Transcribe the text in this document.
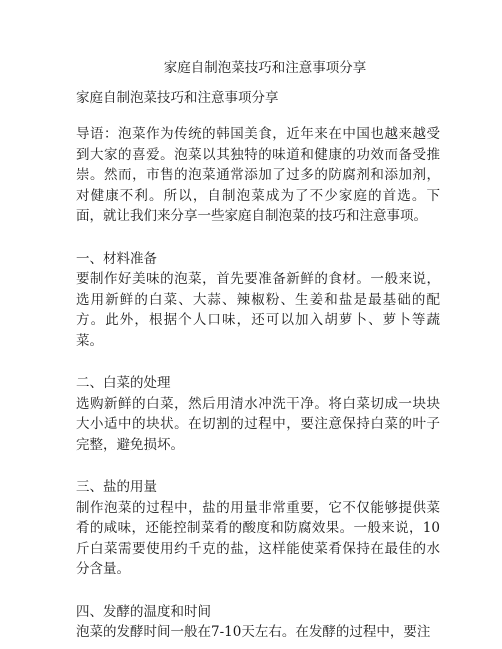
家庭自制泡菜技巧和注意事项分享
家庭自制泡菜技巧和注意事项分享

导语：泡菜作为传统的韩国美食，近年来在中国也越来越受到大家的喜爱。泡菜以其独特的味道和健康的功效而备受推崇。然而，市售的泡菜通常添加了过多的防腐剂和添加剂，对健康不利。所以，自制泡菜成为了不少家庭的首选。下面，就让我们来分享一些家庭自制泡菜的技巧和注意事项。

一、材料准备

要制作好美味的泡菜，首先要准备新鲜的食材。一般来说，选用新鲜的白菜、大蒜、辣椒粉、生姜和盐是最基础的配方。此外，根据个人口味，还可以加入胡萝卜、萝卜等蔬菜。

二、白菜的处理

选购新鲜的白菜，然后用清水冲洗干净。将白菜切成一块块大小适中的块状。在切割的过程中，要注意保持白菜的叶子完整，避免损坏。

三、盐的用量

制作泡菜的过程中，盐的用量非常重要，它不仅能够提供菜肴的咸味，还能控制菜肴的酸度和防腐效果。一般来说，10斤白菜需要使用约千克的盐，这样能使菜肴保持在最佳的水分含量。

四、发酵的温度和时间

泡菜的发酵时间一般在7-10天左右。在发酵的过程中，要注
